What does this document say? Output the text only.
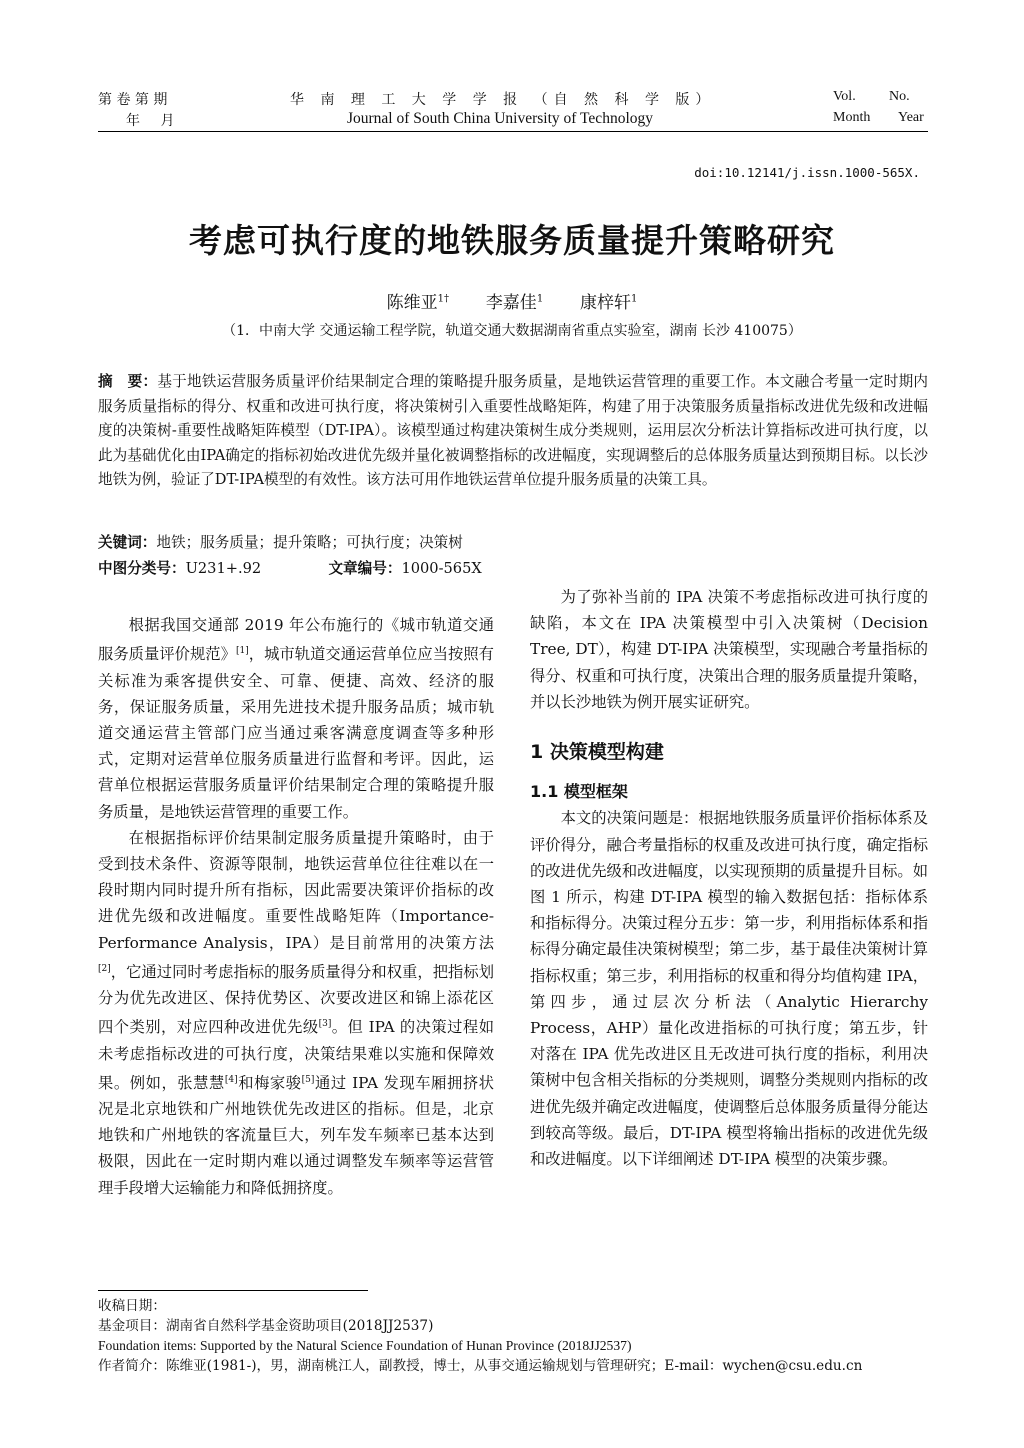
第 卷 第 期
年 月
华 南 理 工 大 学 学 报 （自 然 科 学 版）
Journal of South China University of Technology
Vol. No.
Month Year
doi:10.12141/j.issn.1000-565X.
考虑可执行度的地铁服务质量提升策略研究
陈维亚$^{1\dagger}$ 李嘉佳$^1$ 康梓轩$^1$
（1．中南大学 交通运输工程学院，轨道交通大数据湖南省重点实验室，湖南 长沙 410075）
摘　要：基于地铁运营服务质量评价结果制定合理的策略提升服务质量，是地铁运营管理的重要工作。本文融合考量一定时期内服务质量指标的得分、权重和改进可执行度，将决策树引入重要性战略矩阵，构建了用于决策服务质量指标改进优先级和改进幅度的决策树-重要性战略矩阵模型（DT-IPA）。该模型通过构建决策树生成分类规则，运用层次分析法计算指标改进可执行度，以此为基础优化由IPA确定的指标初始改进优先级并量化被调整指标的改进幅度，实现调整后的总体服务质量达到预期目标。以长沙地铁为例，验证了DT-IPA模型的有效性。该方法可用作地铁运营单位提升服务质量的决策工具。
关键词：地铁；服务质量；提升策略；可执行度；决策树
中图分类号：U231+.92	文章编号：1000-565X

根据我国交通部 2019 年公布施行的《城市轨道交通服务质量评价规范》[1]，城市轨道交通运营单位应当按照有关标准为乘客提供安全、可靠、便捷、高效、经济的服务，保证服务质量，采用先进技术提升服务品质；城市轨道交通运营主管部门应当通过乘客满意度调查等多种形式，定期对运营单位服务质量进行监督和考评。因此，运营单位根据运营服务质量评价结果制定合理的策略提升服务质量，是地铁运营管理的重要工作。

在根据指标评价结果制定服务质量提升策略时，由于受到技术条件、资源等限制，地铁运营单位往往难以在一段时期内同时提升所有指标，因此需要决策评价指标的改进优先级和改进幅度。重要性战略矩阵（Importance-Performance Analysis，IPA）是目前常用的决策方法[2]，它通过同时考虑指标的服务质量得分和权重，把指标划分为优先改进区、保持优势区、次要改进区和锦上添花区四个类别，对应四种改进优先级[3]。但 IPA 的决策过程如未考虑指标改进的可执行度，决策结果难以实施和保障效果。例如，张慧慧[4]和梅家骏[5]通过 IPA 发现车厢拥挤状况是北京地铁和广州地铁优先改进区的指标。但是，北京地铁和广州地铁的客流量巨大，列车发车频率已基本达到极限，因此在一定时期内难以通过调整发车频率等运营管理手段增大运输能力和降低拥挤度。

为了弥补当前的 IPA 决策不考虑指标改进可执行度的缺陷，本文在 IPA 决策模型中引入决策树（Decision Tree, DT），构建 DT-IPA 决策模型，实现融合考量指标的得分、权重和可执行度，决策出合理的服务质量提升策略，并以长沙地铁为例开展实证研究。

1 决策模型构建
1.1 模型框架

本文的决策问题是：根据地铁服务质量评价指标体系及评价得分，融合考量指标的权重及改进可执行度，确定指标的改进优先级和改进幅度，以实现预期的质量提升目标。如图 1 所示，构建 DT-IPA 模型的输入数据包括：指标体系和指标得分。决策过程分五步：第一步，利用指标体系和指标得分确定最佳决策树模型；第二步，基于最佳决策树计算指标权重；第三步，利用指标的权重和得分均值构建 IPA，第四步，通过层次分析法（Analytic Hierarchy Process，AHP）量化改进指标的可执行度；第五步，针对落在 IPA 优先改进区且无改进可执行度的指标，利用决策树中包含相关指标的分类规则，调整分类规则内指标的改进优先级并确定改进幅度，使调整后总体服务质量得分能达到较高等级。最后，DT-IPA 模型将输出指标的改进优先级和改进幅度。以下详细阐述 DT-IPA 模型的决策步骤。

收稿日期：
基金项目：湖南省自然科学基金资助项目(2018JJ2537)
Foundation items: Supported by the Natural Science Foundation of Hunan Province (2018JJ2537)
作者简介：陈维亚(1981-)，男，湖南桃江人，副教授，博士，从事交通运输规划与管理研究；E-mail：wychen@csu.edu.cn
